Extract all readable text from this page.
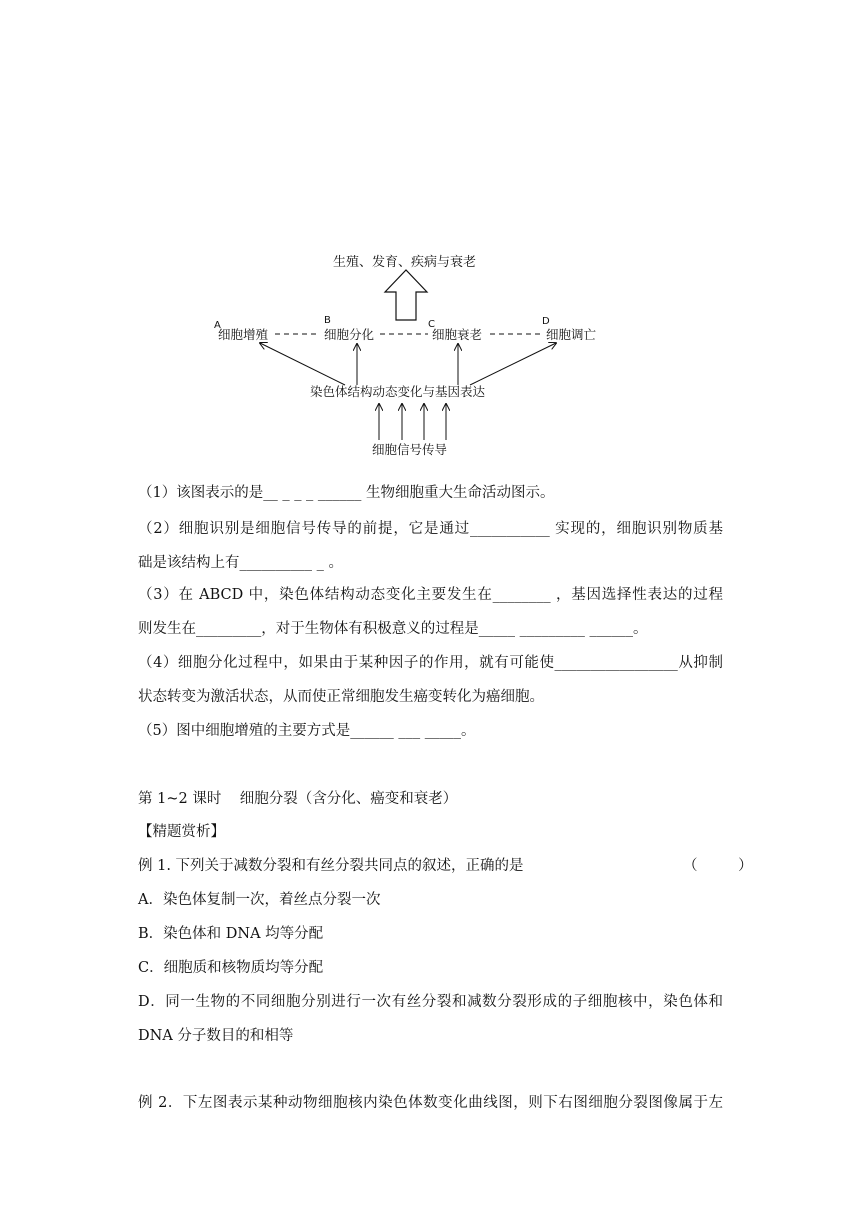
生殖、发育、疾病与衰老
A	B	C	D
细胞增殖	细胞分化	细胞衰老	细胞调亡
染色体结构动态变化与基因表达
细胞信号传导
（1）该图表示的是__ _ _ _ ______ 生物细胞重大生命活动图示。
（2）细胞识别是细胞信号传导的前提，它是通过___________ 实现的，细胞识别物质基
础是该结构上有__________ _ 。
（3）在 ABCD 中，染色体结构动态变化主要发生在________ ，基因选择性表达的过程
则发生在_________，对于生物体有积极意义的过程是_____ _________ ______。
（4）细胞分化过程中，如果由于某种因子的作用，就有可能使_________________从抑制
状态转变为激活状态，从而使正常细胞发生癌变转化为癌细胞。
（5）图中细胞增殖的主要方式是______ ___ _____。
第 1~2 课时    细胞分裂（含分化、癌变和衰老）
【精题赏析】
例 1. 下列关于减数分裂和有丝分裂共同点的叙述，正确的是	（ ）
A．染色体复制一次，着丝点分裂一次
B．染色体和 DNA 均等分配
C．细胞质和核物质均等分配
D．同一生物的不同细胞分别进行一次有丝分裂和减数分裂形成的子细胞核中，染色体和
DNA 分子数目的和相等
例 2．下左图表示某种动物细胞核内染色体数变化曲线图，则下右图细胞分裂图像属于左
